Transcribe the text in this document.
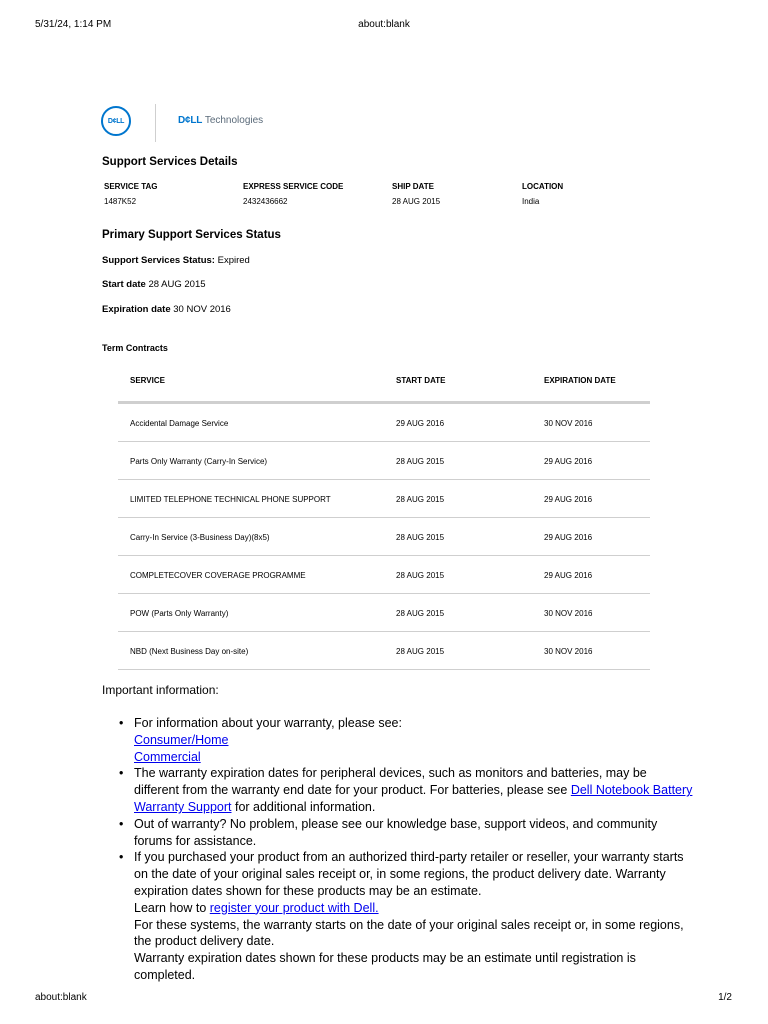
5/31/24, 1:14 PM	about:blank
D¢LL	D¢LL Technologies
Support Services Details
SERVICE TAG	EXPRESS SERVICE CODE	SHIP DATE	LOCATION
1487K52	2432436662	28 AUG 2015	India
Primary Support Services Status
Support Services Status: Expired
Start date 28 AUG 2015
Expiration date 30 NOV 2016
Term Contracts
SERVICE	START DATE	EXPIRATION DATE
Accidental Damage Service	29 AUG 2016	30 NOV 2016
Parts Only Warranty (Carry-In Service)	28 AUG 2015	29 AUG 2016
LIMITED TELEPHONE TECHNICAL PHONE SUPPORT	28 AUG 2015	29 AUG 2016
Carry-In Service (3-Business Day)(8x5)	28 AUG 2015	29 AUG 2016
COMPLETECOVER COVERAGE PROGRAMME	28 AUG 2015	29 AUG 2016
POW (Parts Only Warranty)	28 AUG 2015	30 NOV 2016
NBD (Next Business Day on-site)	28 AUG 2015	30 NOV 2016
Important information:
• For information about your warranty, please see:
Consumer/Home
Commercial
• The warranty expiration dates for peripheral devices, such as monitors and batteries, may be different from the warranty end date for your product. For batteries, please see Dell Notebook Battery Warranty Support for additional information.
• Out of warranty? No problem, please see our knowledge base, support videos, and community forums for assistance.
• If you purchased your product from an authorized third-party retailer or reseller, your warranty starts on the date of your original sales receipt or, in some regions, the product delivery date. Warranty expiration dates shown for these products may be an estimate.
Learn how to register your product with Dell.
For these systems, the warranty starts on the date of your original sales receipt or, in some regions, the product delivery date.
Warranty expiration dates shown for these products may be an estimate until registration is completed.
about:blank	1/2
